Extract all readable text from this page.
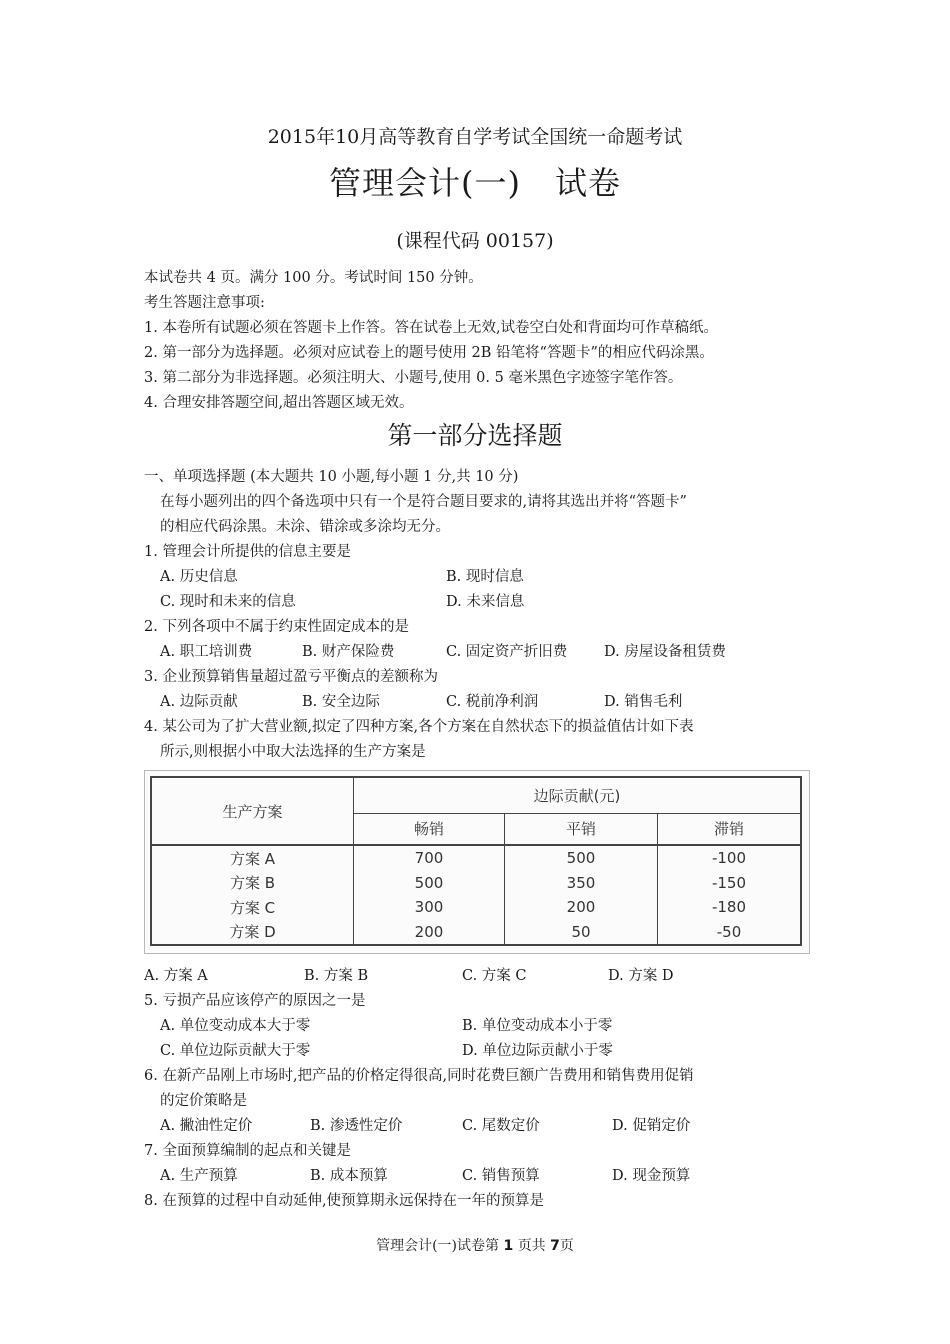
2015年10月高等教育自学考试全国统一命题考试
管理会计(一) 试卷
(课程代码 00157)
本试卷共 4 页。满分 100 分。考试时间 150 分钟。
考生答题注意事项:
1. 本卷所有试题必须在答题卡上作答。答在试卷上无效,试卷空白处和背面均可作草稿纸。
2. 第一部分为选择题。必须对应试卷上的题号使用 2B 铅笔将“答题卡”的相应代码涂黑。
3. 第二部分为非选择题。必须注明大、小题号,使用 0. 5 毫米黑色字迹签字笔作答。
4. 合理安排答题空间,超出答题区域无效。
第一部分选择题
一、单项选择题 (本大题共 10 小题,每小题 1 分,共 10 分)
在每小题列出的四个备选项中只有一个是符合题目要求的,请将其选出并将“答题卡”
的相应代码涂黑。未涂、错涂或多涂均无分。
1. 管理会计所提供的信息主要是
A. 历史信息	B. 现时信息
C. 现时和未来的信息	D. 未来信息
2. 下列各项中不属于约束性固定成本的是
A. 职工培训费	B. 财产保险费	C. 固定资产折旧费	D. 房屋设备租赁费
3. 企业预算销售量超过盈亏平衡点的差额称为
A. 边际贡献	B. 安全边际	C. 税前净利润	D. 销售毛利
4. 某公司为了扩大营业额,拟定了四种方案,各个方案在自然状态下的损益值估计如下表
所示,则根据小中取大法选择的生产方案是
生产方案	边际贡献(元)		
	畅销	平销	滞销
方案 A	700	500	-100
方案 B	500	350	-150
方案 C	300	200	-180
方案 D	200	50	-50
A. 方案 A	B. 方案 B	C. 方案 C	D. 方案 D
5. 亏损产品应该停产的原因之一是
A. 单位变动成本大于零	B. 单位变动成本小于零
C. 单位边际贡献大于零	D. 单位边际贡献小于零
6. 在新产品刚上市场时,把产品的价格定得很高,同时花费巨额广告费用和销售费用促销
的定价策略是
A. 撇油性定价	B. 渗透性定价	C. 尾数定价	D. 促销定价
7. 全面预算编制的起点和关键是
A. 生产预算	B. 成本预算	C. 销售预算	D. 现金预算
8. 在预算的过程中自动延伸,使预算期永远保持在一年的预算是
管理会计(一)试卷第 1 页共 7页
